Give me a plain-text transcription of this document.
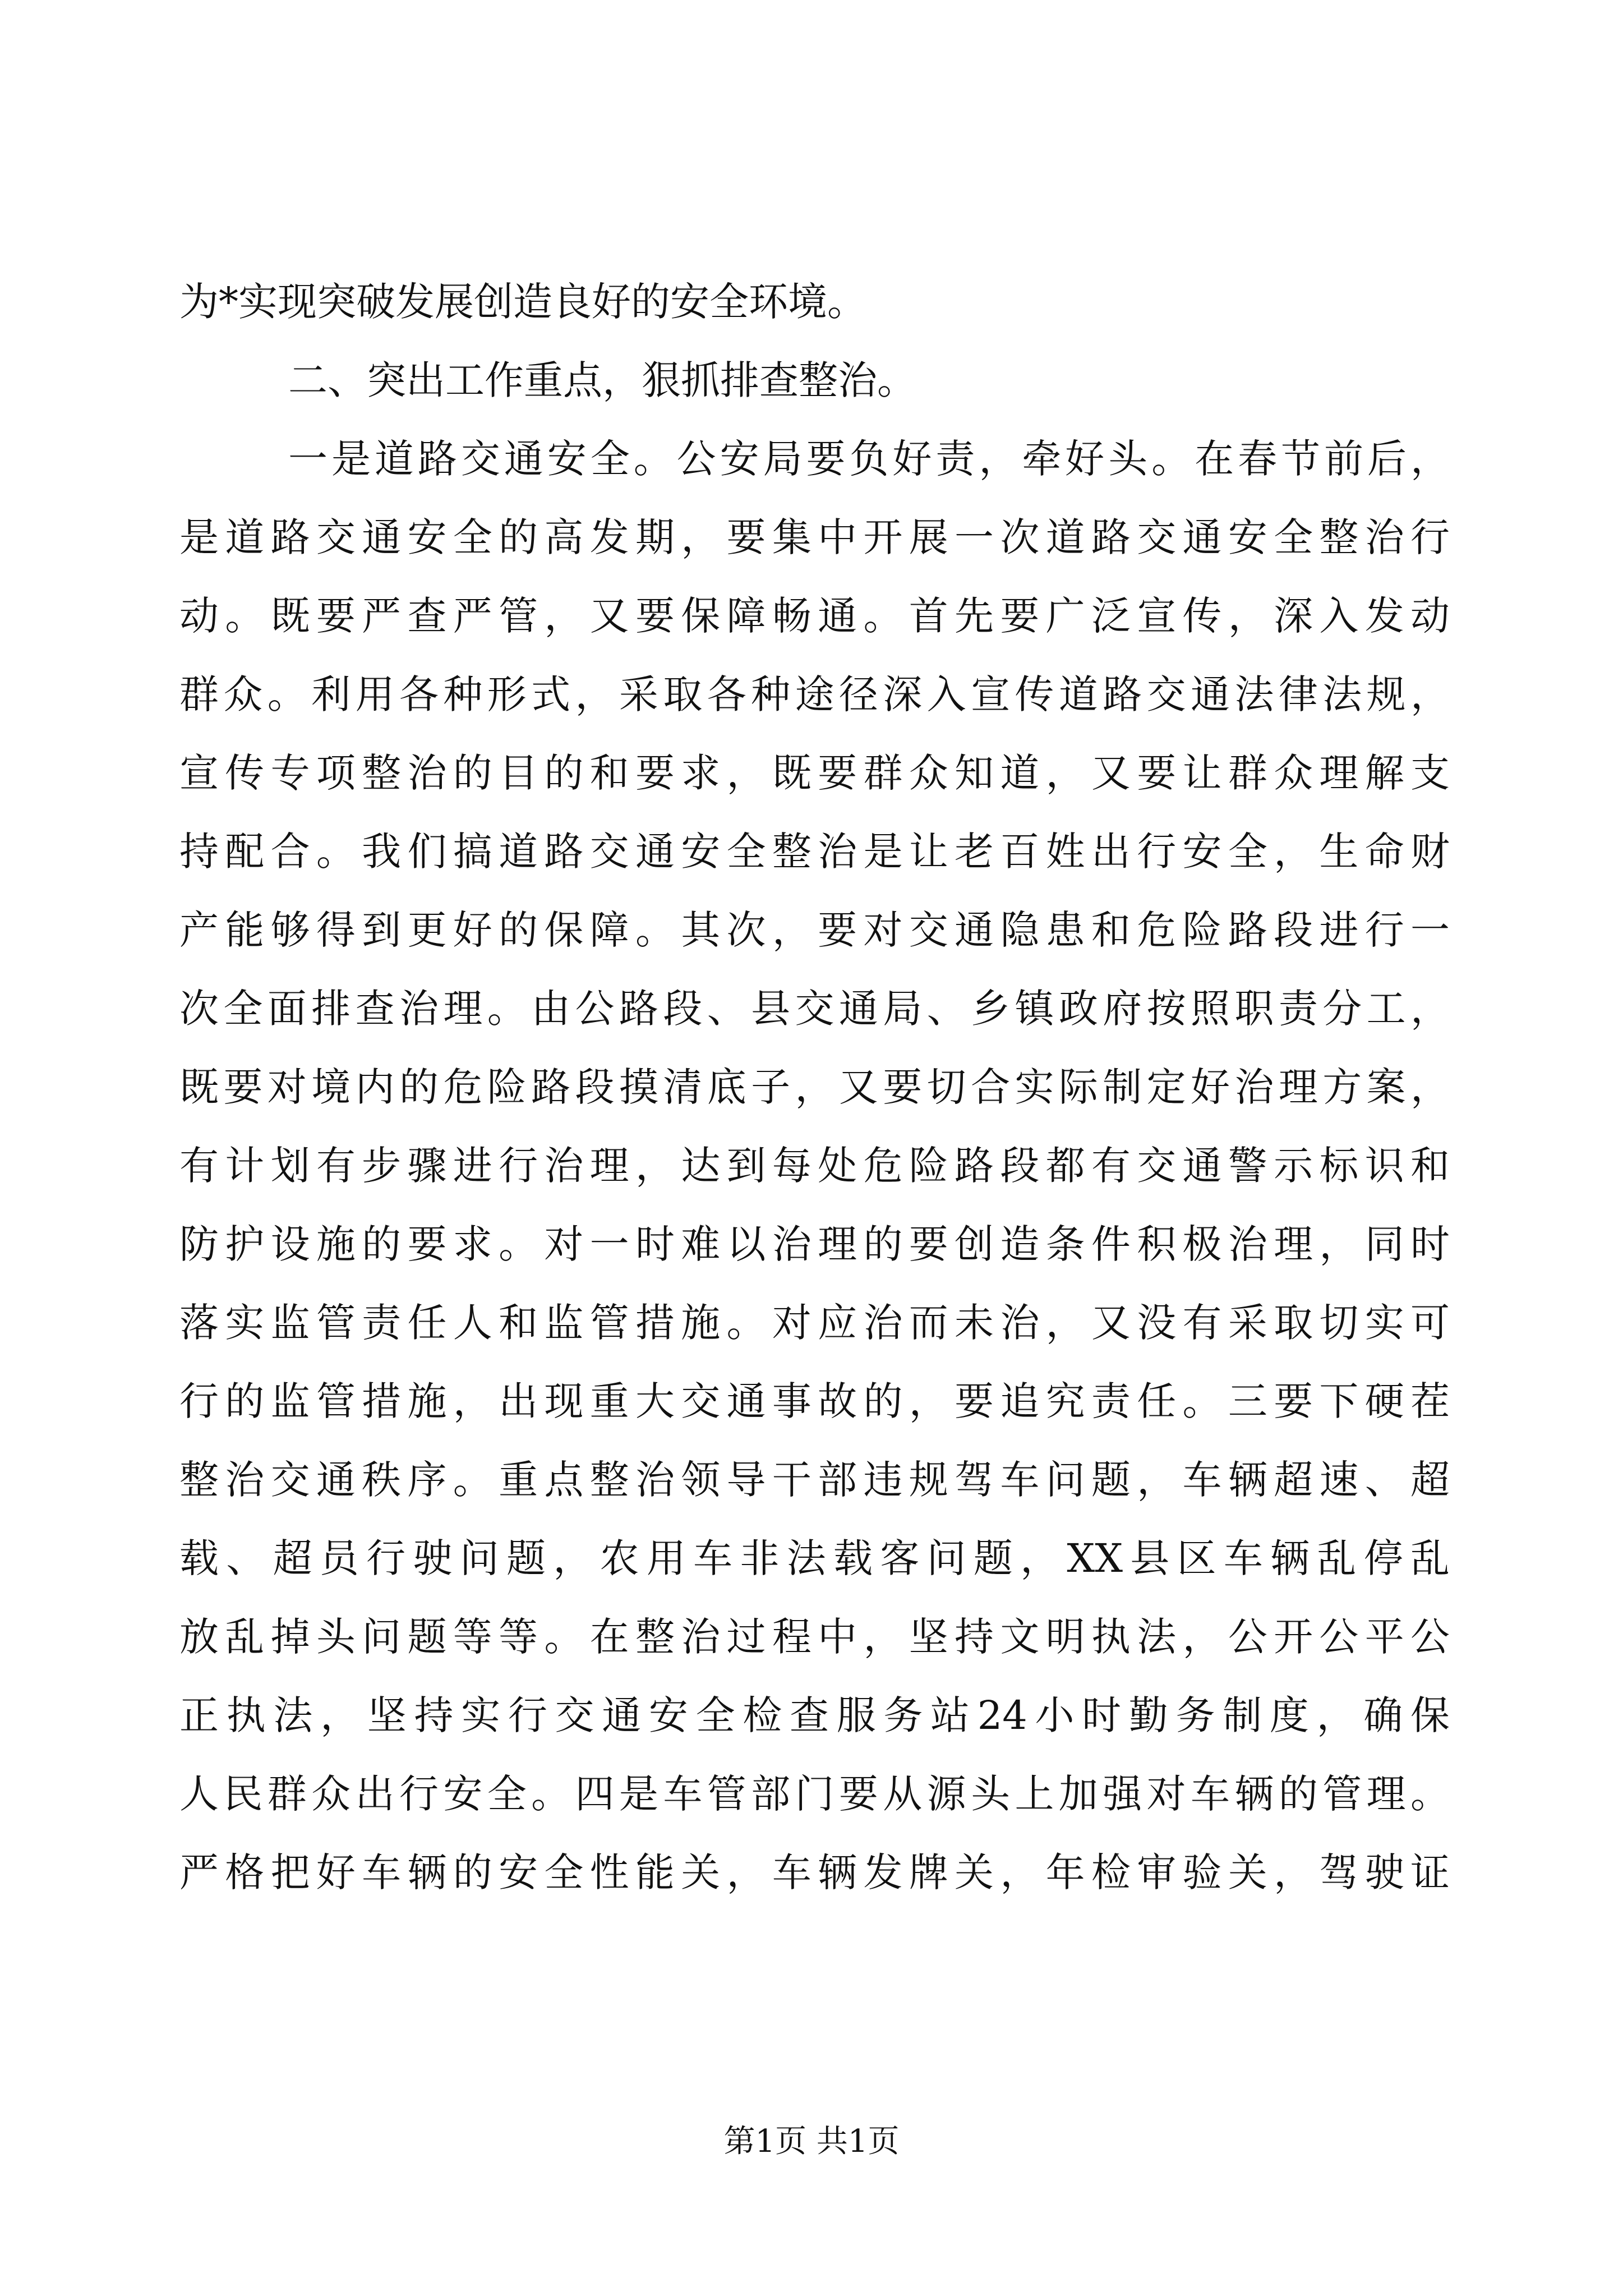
为*实现突破发展创造良好的安全环境。
二、突出工作重点，狠抓排查整治。
一是道路交通安全。公安局要负好责，牵好头。在春节前后，
是道路交通安全的高发期，要集中开展一次道路交通安全整治行
动。既要严查严管，又要保障畅通。首先要广泛宣传，深入发动
群众。利用各种形式，采取各种途径深入宣传道路交通法律法规，
宣传专项整治的目的和要求，既要群众知道，又要让群众理解支
持配合。我们搞道路交通安全整治是让老百姓出行安全，生命财
产能够得到更好的保障。其次，要对交通隐患和危险路段进行一
次全面排查治理。由公路段、县交通局、乡镇政府按照职责分工，
既要对境内的危险路段摸清底子，又要切合实际制定好治理方案，
有计划有步骤进行治理，达到每处危险路段都有交通警示标识和
防护设施的要求。对一时难以治理的要创造条件积极治理，同时
落实监管责任人和监管措施。对应治而未治，又没有采取切实可
行的监管措施，出现重大交通事故的，要追究责任。三要下硬茬
整治交通秩序。重点整治领导干部违规驾车问题，车辆超速、超
载、超员行驶问题，农用车非法载客问题，XX县区车辆乱停乱
放乱掉头问题等等。在整治过程中，坚持文明执法，公开公平公
正执法，坚持实行交通安全检查服务站24小时勤务制度，确保
人民群众出行安全。四是车管部门要从源头上加强对车辆的管理。
严格把好车辆的安全性能关，车辆发牌关，年检审验关，驾驶证
第1页 共1页
